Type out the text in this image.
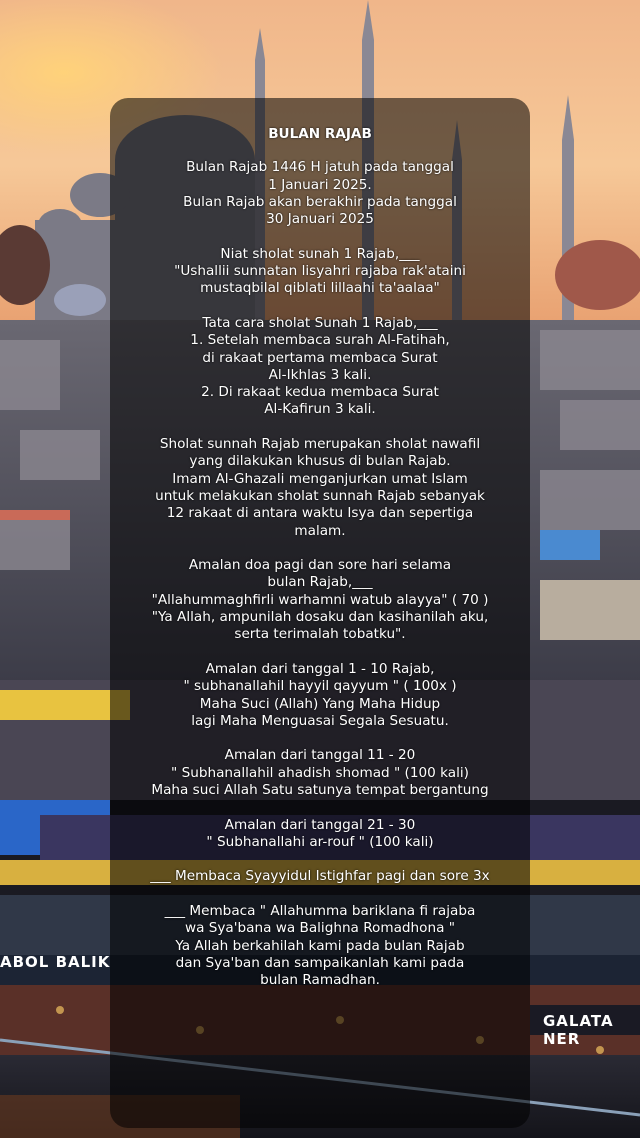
ABOL BALIK
GALATA NER
BULAN RAJAB
Bulan Rajab 1446 H jatuh pada tanggal
1 Januari 2025.
Bulan Rajab akan berakhir pada tanggal
30 Januari 2025
Niat sholat sunah 1 Rajab,___
"Ushallii sunnatan lisyahri rajaba rak'ataini
mustaqbilal qiblati lillaahi ta'aalaa"
Tata cara sholat Sunah 1 Rajab,___
1. Setelah membaca surah Al-Fatihah,
di rakaat pertama membaca Surat
Al-Ikhlas 3 kali.
2. Di rakaat kedua membaca Surat
Al-Kafirun 3 kali.
Sholat sunnah Rajab merupakan sholat nawafil
yang dilakukan khusus di bulan Rajab.
Imam Al-Ghazali menganjurkan umat Islam
untuk melakukan sholat sunnah Rajab sebanyak
12 rakaat di antara waktu Isya dan sepertiga
malam.
Amalan doa pagi dan sore hari selama
bulan Rajab,___
"Allahummaghfirli warhamni watub alayya" ( 70 )
"Ya Allah, ampunilah dosaku dan kasihanilah aku,
serta terimalah tobatku".
Amalan dari tanggal 1 - 10 Rajab,
" subhanallahil hayyil qayyum " ( 100x )
Maha Suci (Allah) Yang Maha Hidup
lagi Maha Menguasai Segala Sesuatu.
Amalan dari tanggal 11 - 20
" Subhanallahil ahadish shomad " (100 kali)
Maha suci Allah Satu satunya tempat bergantung
Amalan dari tanggal 21 - 30
" Subhanallahi ar-rouf " (100 kali)
___ Membaca Syayyidul Istighfar pagi dan sore 3x
___ Membaca " Allahumma bariklana fi rajaba
wa Sya'bana wa Balighna Romadhona "
Ya Allah berkahilah kami pada bulan Rajab
dan Sya'ban dan sampaikanlah kami pada
bulan Ramadhan.
